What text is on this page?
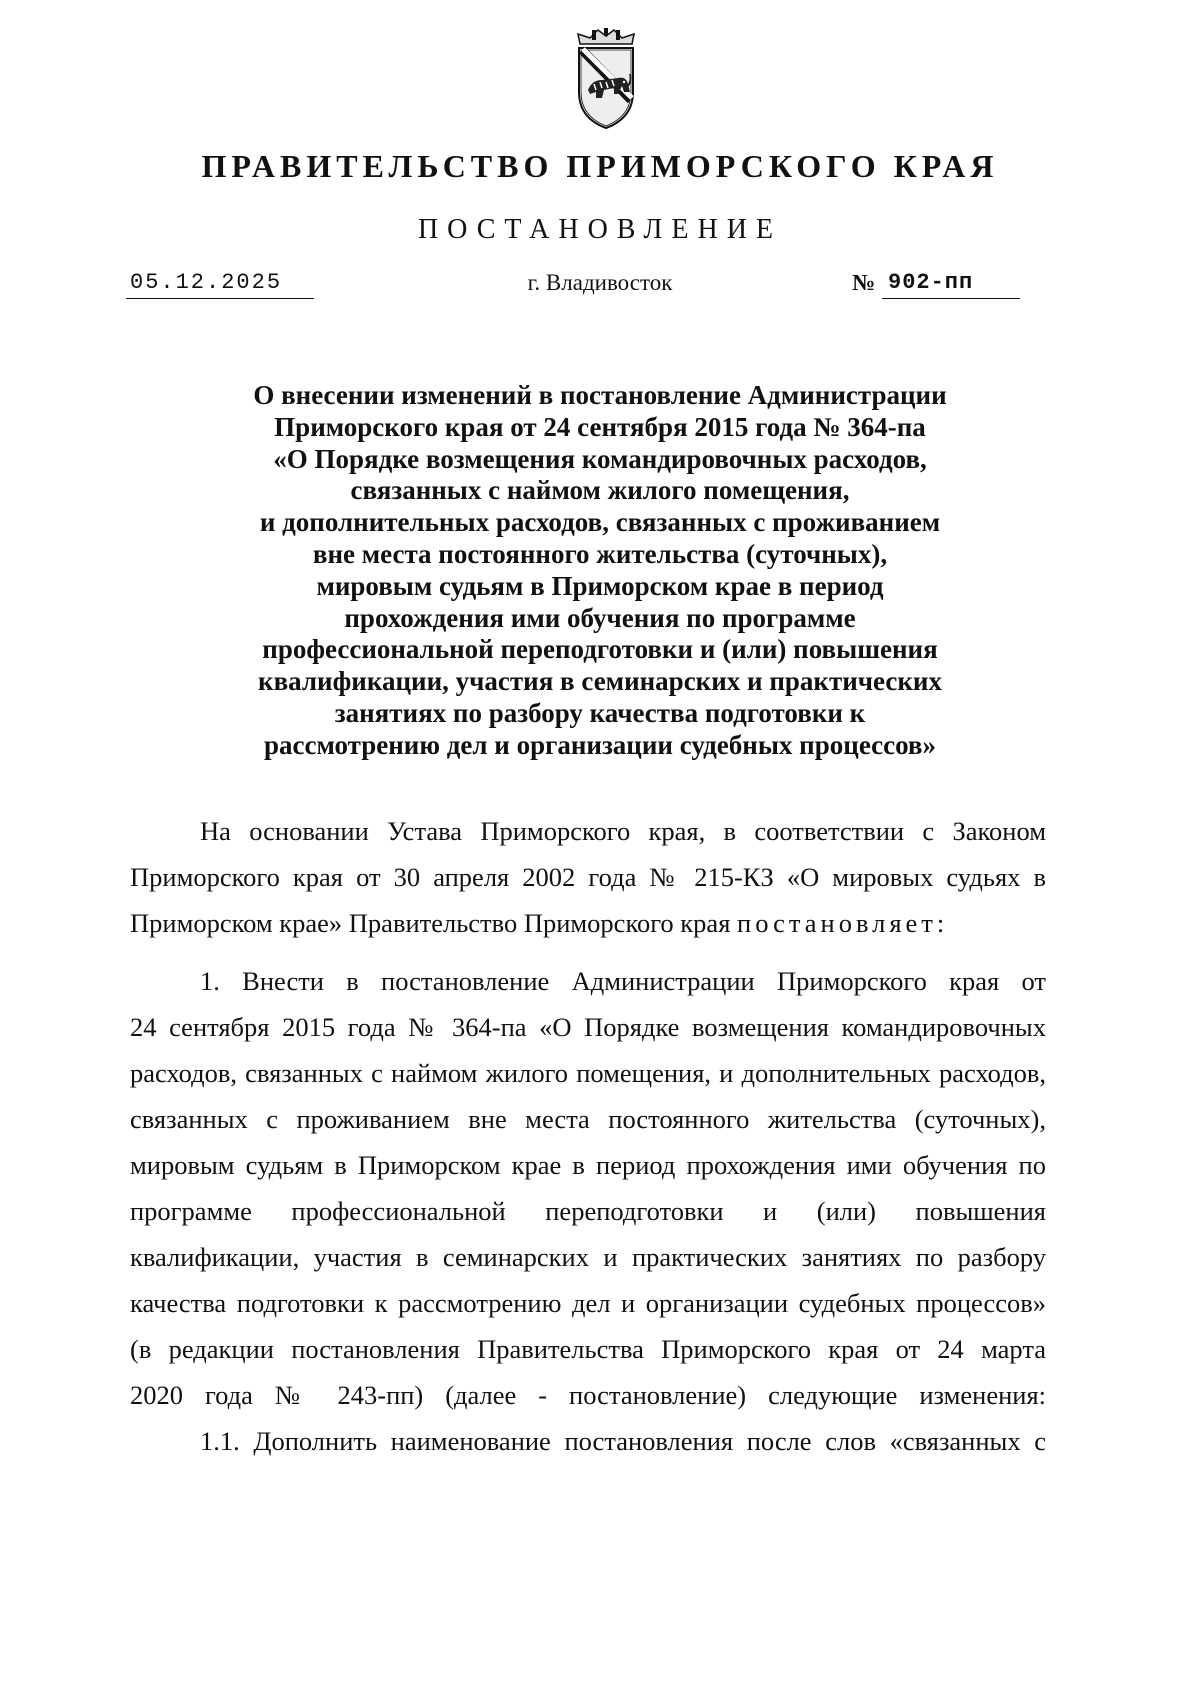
ПРАВИТЕЛЬСТВО ПРИМОРСКОГО КРАЯ
ПОСТАНОВЛЕНИЕ
05.12.2025	г. Владивосток	№ 902-пп
О внесении изменений в постановление Администрации
Приморского края от 24 сентября 2015 года № 364-па
«О Порядке возмещения командировочных расходов,
связанных с наймом жилого помещения,
и дополнительных расходов, связанных с проживанием
вне места постоянного жительства (суточных),
мировым судьям в Приморском крае в период
прохождения ими обучения по программе
профессиональной переподготовки и (или) повышения
квалификации, участия в семинарских и практических
занятиях по разбору качества подготовки к
рассмотрению дел и организации судебных процессов»
На основании Устава Приморского края, в соответствии с Законом
Приморского края от 30 апреля 2002 года № 215-КЗ «О мировых судьях в
Приморском крае» Правительство Приморского края постановляет:
1. Внести в постановление Администрации Приморского края от
24 сентября 2015 года № 364-па «О Порядке возмещения командировочных
расходов, связанных с наймом жилого помещения, и дополнительных расходов,
связанных с проживанием вне места постоянного жительства (суточных),
мировым судьям в Приморском крае в период прохождения ими обучения по
программе профессиональной переподготовки и (или) повышения
квалификации, участия в семинарских и практических занятиях по разбору
качества подготовки к рассмотрению дел и организации судебных процессов»
(в редакции постановления Правительства Приморского края от 24 марта
2020 года № 243-пп) (далее - постановление) следующие изменения:
1.1. Дополнить наименование постановления после слов «связанных с
